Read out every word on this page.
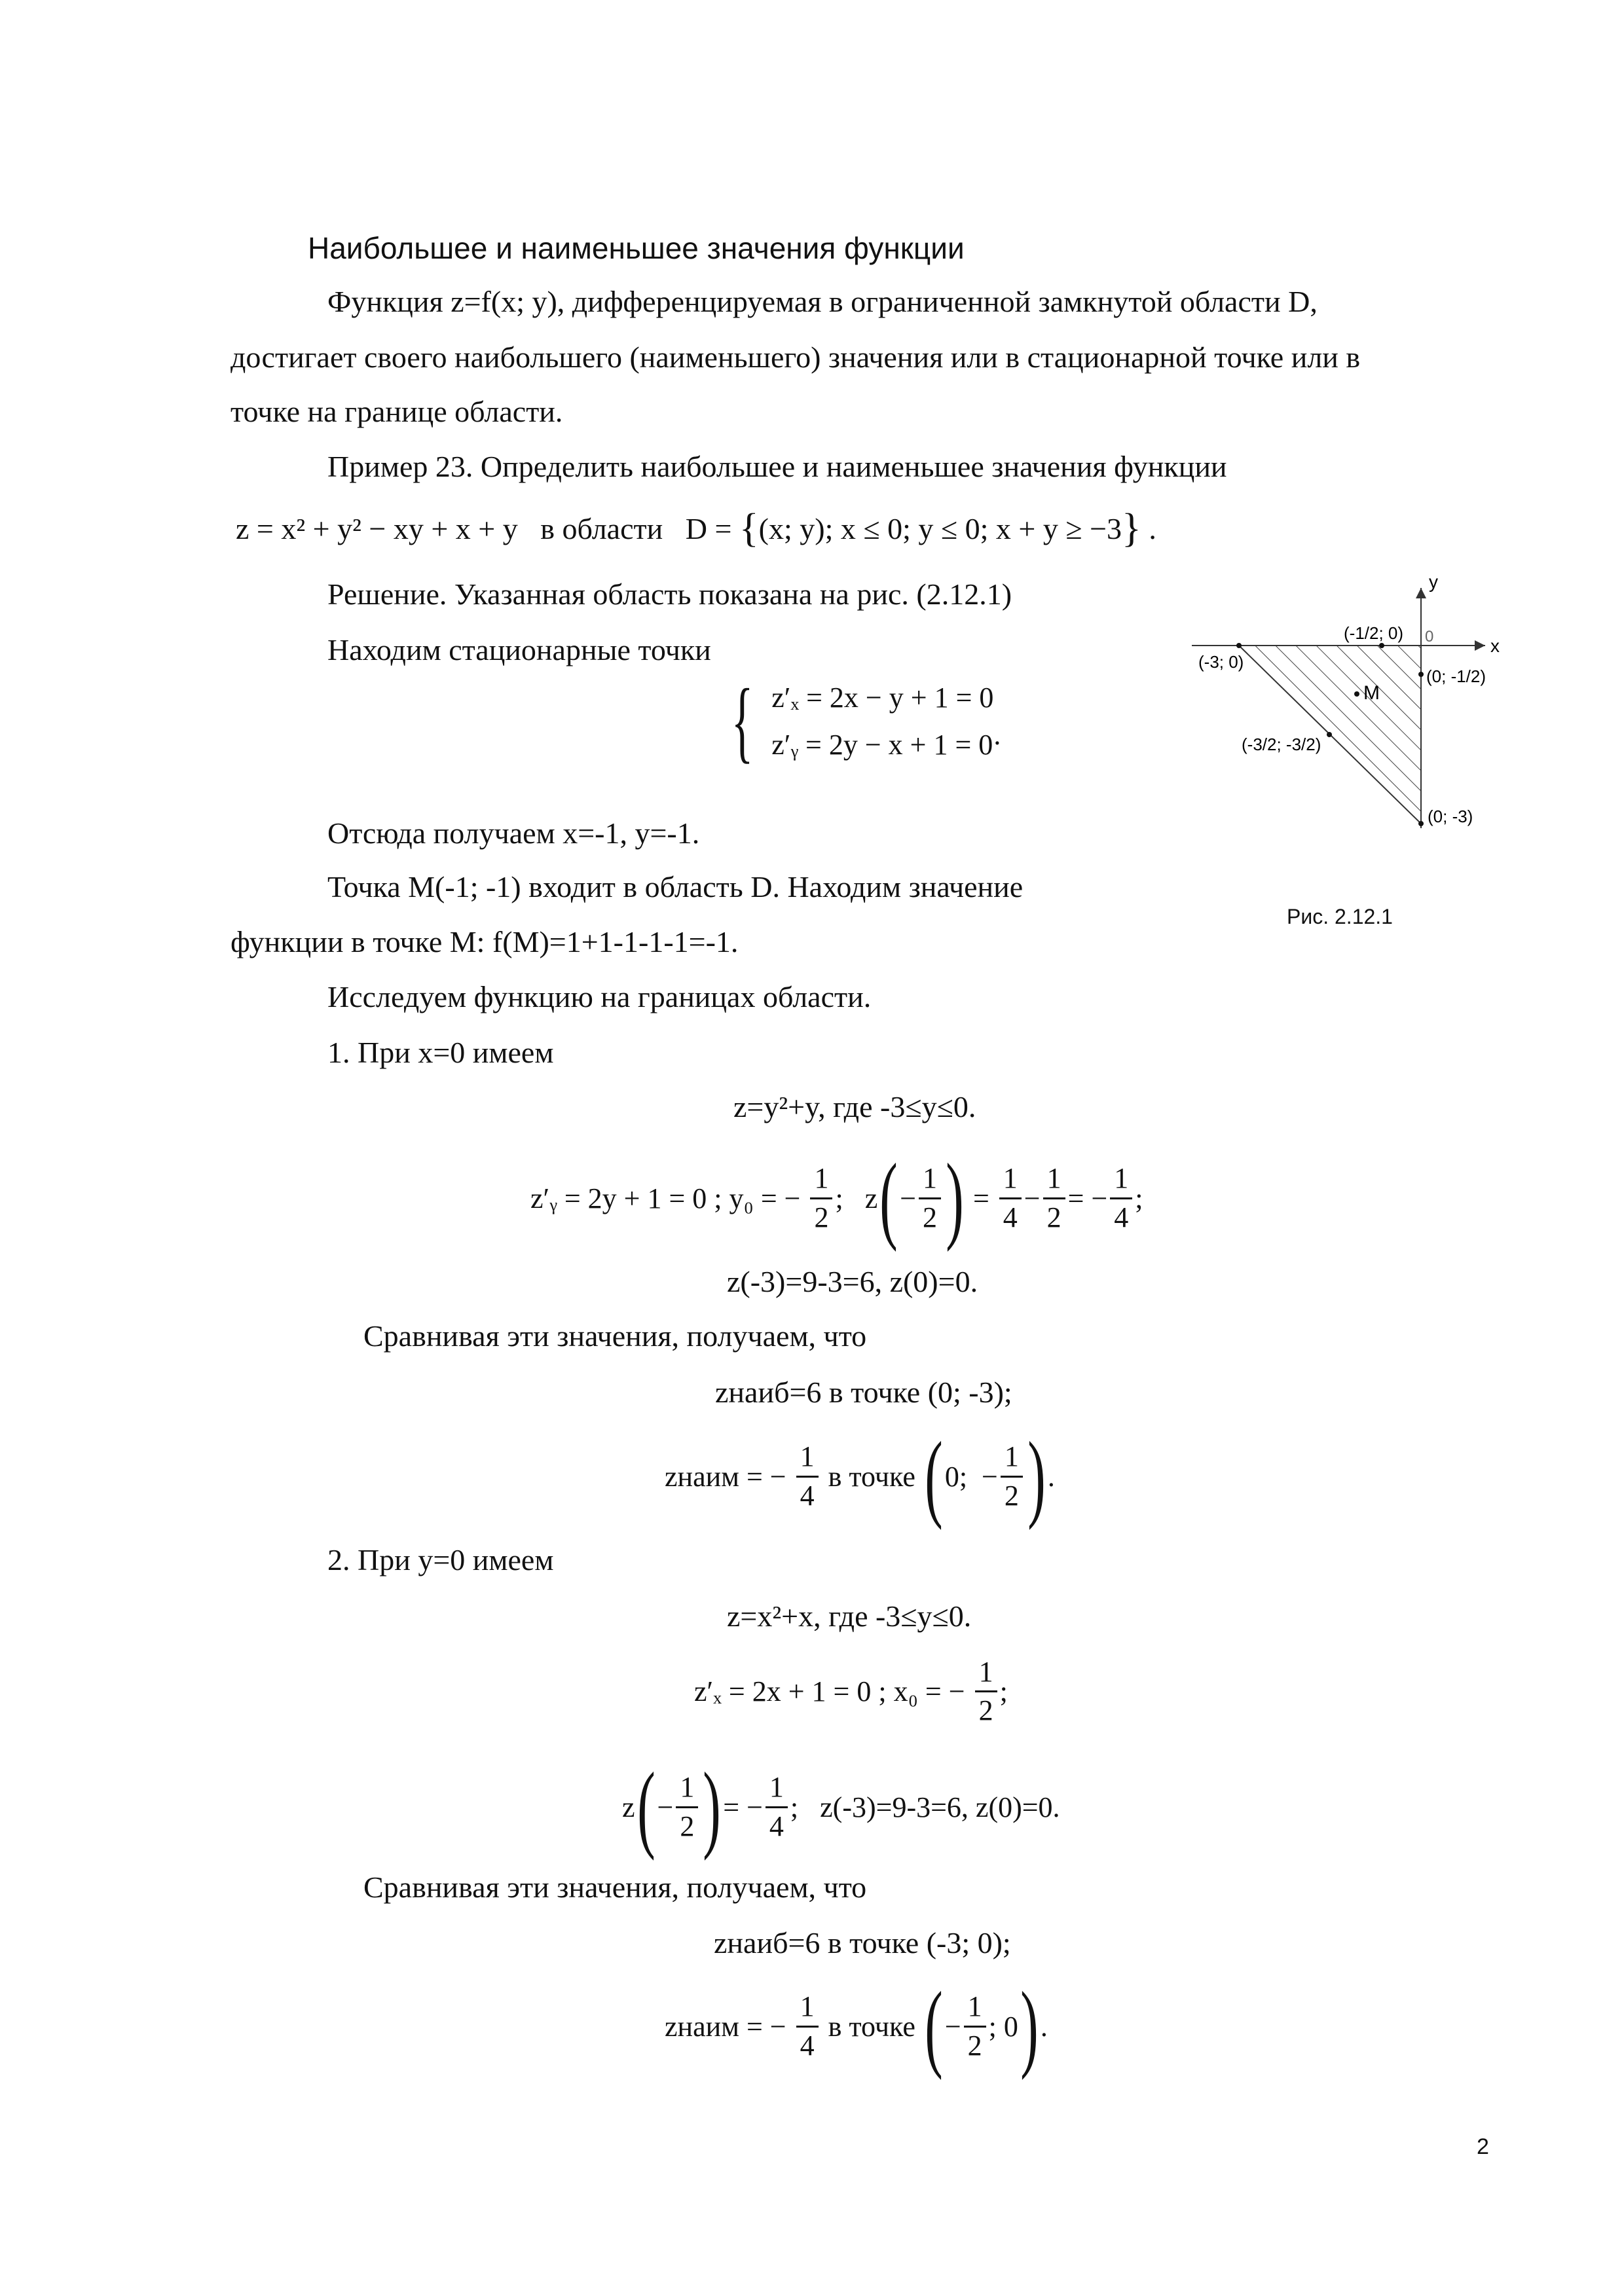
Наибольшее и наименьшее значения функции
Функция z=f(x; y), дифференцируемая в ограниченной замкнутой области D,
достигает своего наибольшего (наименьшего) значения или в стационарной точке или в
точке на границе области.
Пример 23. Определить наибольшее и наименьшее значения функции
z = x² + y² − xy + x + y в области D = {(x; y); x ≤ 0; y ≤ 0; x + y ≥ −3} .
Решение. Указанная область показана на рис. (2.12.1)
Находим стационарные точки
{ z′ₓ = 2x − y + 1 = 0
z′ᵧ = 2y − x + 1 = 0 .
Отсюда получаем x=-1, y=-1.
Точка M(-1; -1) входит в область D. Находим значение
функции в точке M: f(M)=1+1-1-1-1=-1.
Исследуем функцию на границах области.
1. При x=0 имеем
z=y²+y, где -3≤y≤0.
z′ᵧ = 2y + 1 = 0 ; y₀ = − $\frac{1}{2}$ ;   $z(- \frac{1}{2}$ ) = $\frac{1}{4} - \frac{1}{2}$ = − $\frac{1}{4}$ ;
z(-3)=9-3=6, z(0)=0.
Сравнивая эти значения, получаем, что
zнаиб=6 в точке (0; -3);
zнаим = − $\frac{1}{4}$ в точке (0;  − $\frac{1}{2}$ ).
2. При y=0 имеем
z=x²+x, где -3≤y≤0.
z′ₓ = 2x + 1 = 0 ; x₀ = − $\frac{1}{2}$ ;
$z(- \frac{1}{2}$ )= − $\frac{1}{4}$ ;   z(-3)=9-3=6, z(0)=0.
Сравнивая эти значения, получаем, что
zнаиб=6 в точке (-3; 0);
zнаим = − $\frac{1}{4}$ в точке (− $\frac{1}{2}$ ; 0).
2
y
x
0
(-3; 0)
(-1/2; 0)
(0; -1/2)
M
(-3/2; -3/2)
(0; -3)
Рис. 2.12.1
